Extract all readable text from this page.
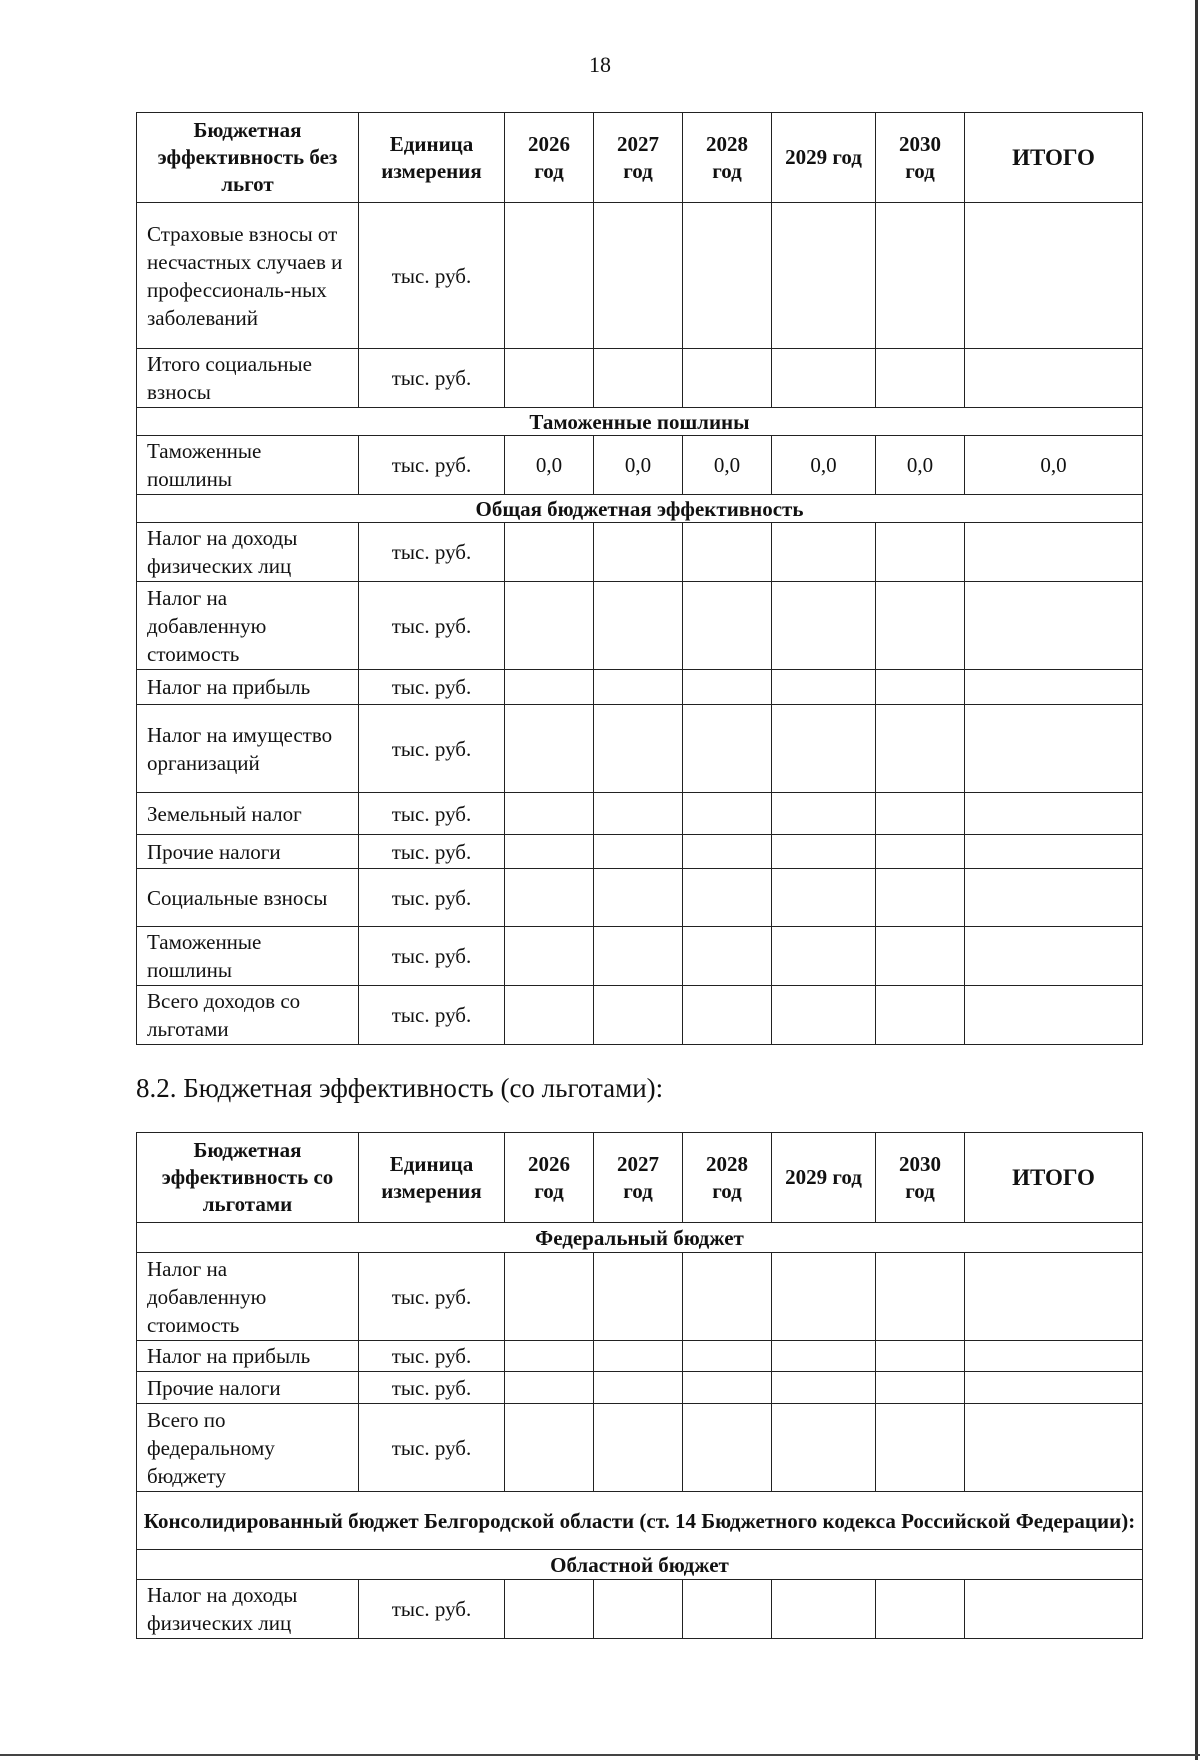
18
Бюджетная эффективность без льгот	Единица измерения	2026 год	2027 год	2028 год	2029 год	2030 год	ИТОГО
Страховые взносы от несчастных случаев и профессиональ-ных заболеваний	тыс. руб.						
Итого социальные взносы	тыс. руб.						
Таможенные пошлины							
Таможенные пошлины	тыс. руб.	0,0	0,0	0,0	0,0	0,0	0,0
Общая бюджетная эффективность							
Налог на доходы физических лиц	тыс. руб.						
Налог на добавленную стоимость	тыс. руб.						
Налог на прибыль	тыс. руб.						
Налог на имущество организаций	тыс. руб.						
Земельный налог	тыс. руб.						
Прочие налоги	тыс. руб.						
Социальные взносы	тыс. руб.						
Таможенные пошлины	тыс. руб.						
Всего доходов со льготами	тыс. руб.						
8.2. Бюджетная эффективность (со льготами):
Бюджетная эффективность со льготами	Единица измерения	2026 год	2027 год	2028 год	2029 год	2030 год	ИТОГО
Федеральный бюджет							
Налог на добавленную стоимость	тыс. руб.						
Налог на прибыль	тыс. руб.						
Прочие налоги	тыс. руб.						
Всего по федеральному бюджету	тыс. руб.						
Консолидированный бюджет Белгородской области (ст. 14 Бюджетного кодекса Российской Федерации):							
Областной бюджет							
Налог на доходы физических лиц	тыс. руб.						
